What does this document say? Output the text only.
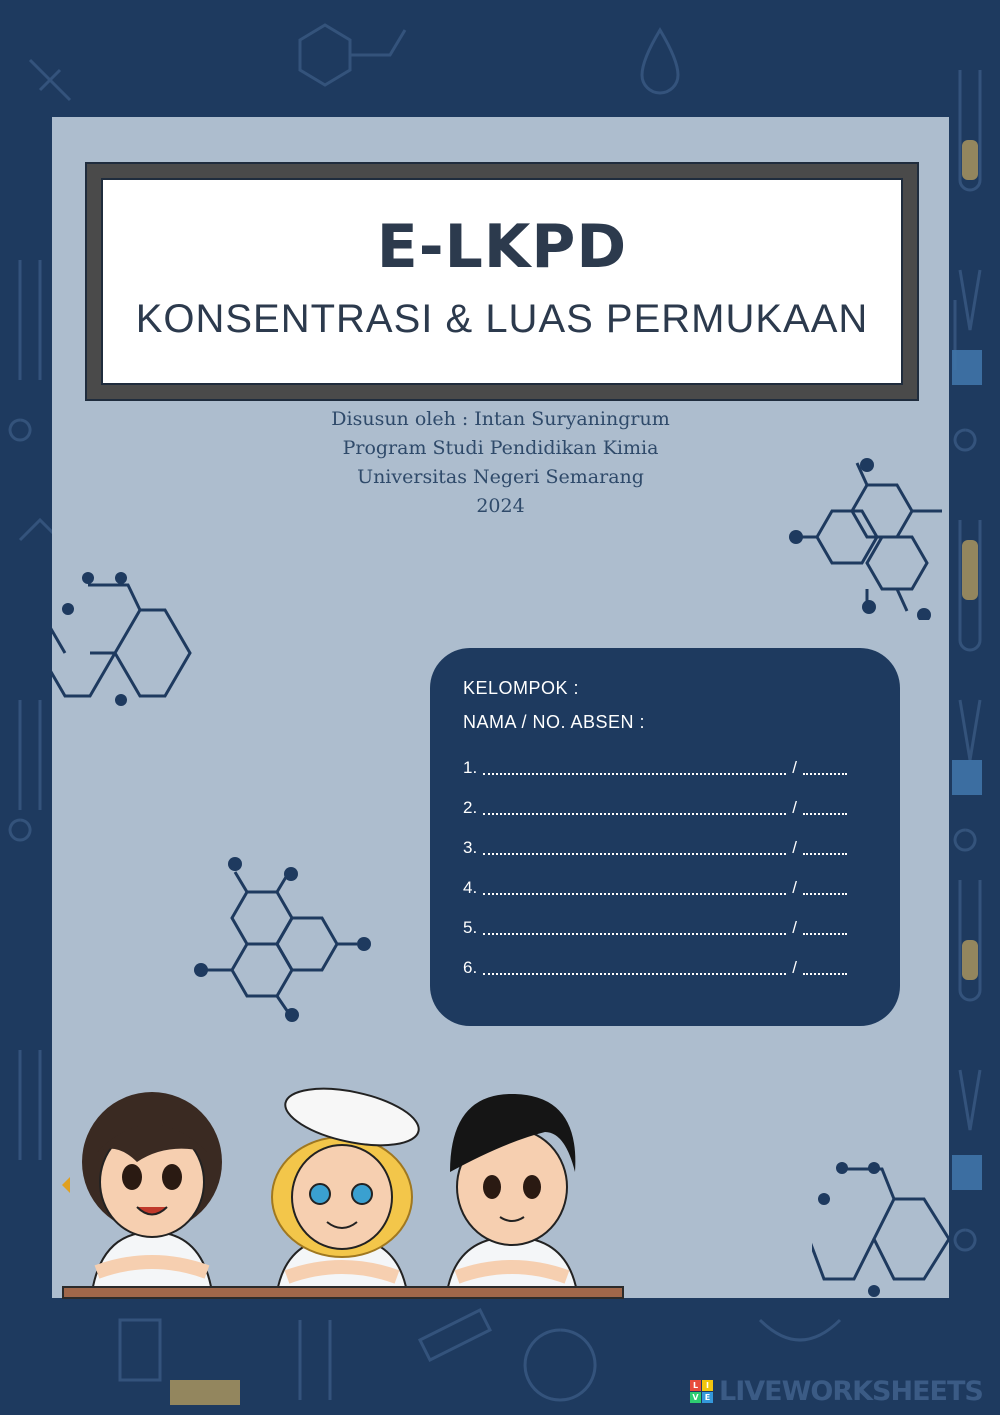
E-LKPD
KONSENTRASI & LUAS PERMUKAAN
Disusun oleh : Intan Suryaningrum
Program Studi Pendidikan Kimia
Universitas Negeri Semarang
2024
KELOMPOK :
NAMA / NO. ABSEN :
1.	/
2.	/
3.	/
4.	/
5.	/
6.	/
L I
V E LIVEWORKSHEETS
